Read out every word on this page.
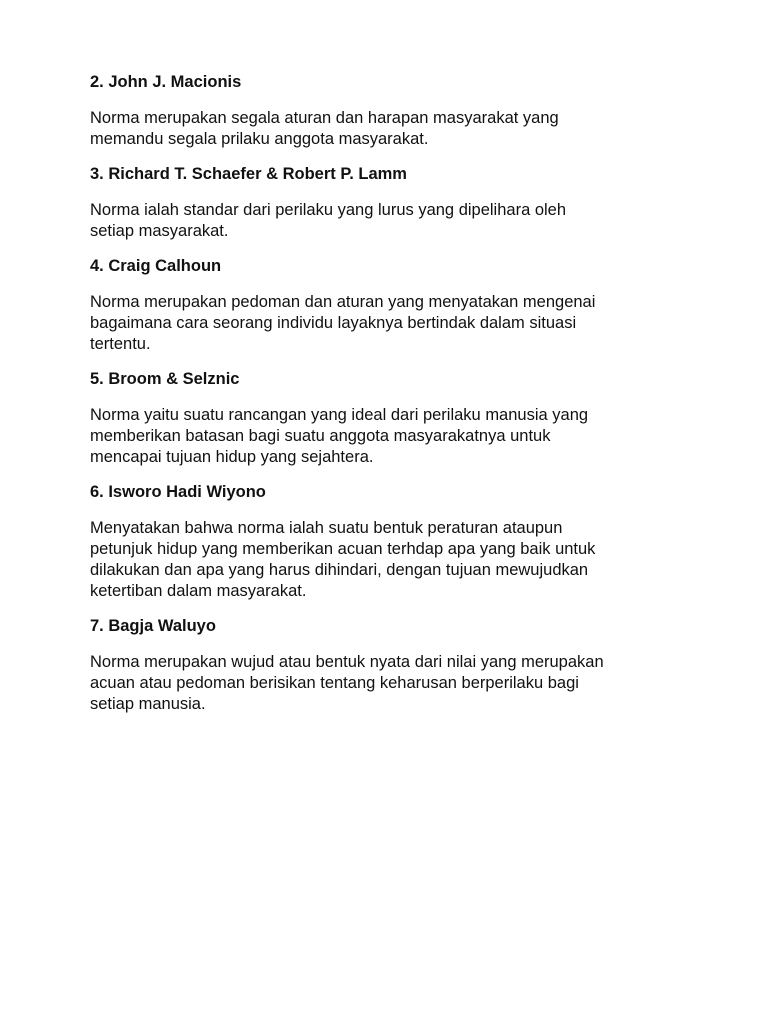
2. John J. Macionis
Norma merupakan segala aturan dan harapan masyarakat yang
memandu segala prilaku anggota masyarakat.
3. Richard T. Schaefer & Robert P. Lamm
Norma ialah standar dari perilaku yang lurus yang dipelihara oleh
setiap masyarakat.
4. Craig Calhoun
Norma merupakan pedoman dan aturan yang menyatakan mengenai
bagaimana cara seorang individu layaknya bertindak dalam situasi
tertentu.
5. Broom & Selznic
Norma yaitu suatu rancangan yang ideal dari perilaku manusia yang
memberikan batasan bagi suatu anggota masyarakatnya untuk
mencapai tujuan hidup yang sejahtera.
6. Isworo Hadi Wiyono
Menyatakan bahwa norma ialah suatu bentuk peraturan ataupun
petunjuk hidup yang memberikan acuan terhdap apa yang baik untuk
dilakukan dan apa yang harus dihindari, dengan tujuan mewujudkan
ketertiban dalam masyarakat.
7. Bagja Waluyo
Norma merupakan wujud atau bentuk nyata dari nilai yang merupakan
acuan atau pedoman berisikan tentang keharusan berperilaku bagi
setiap manusia.
